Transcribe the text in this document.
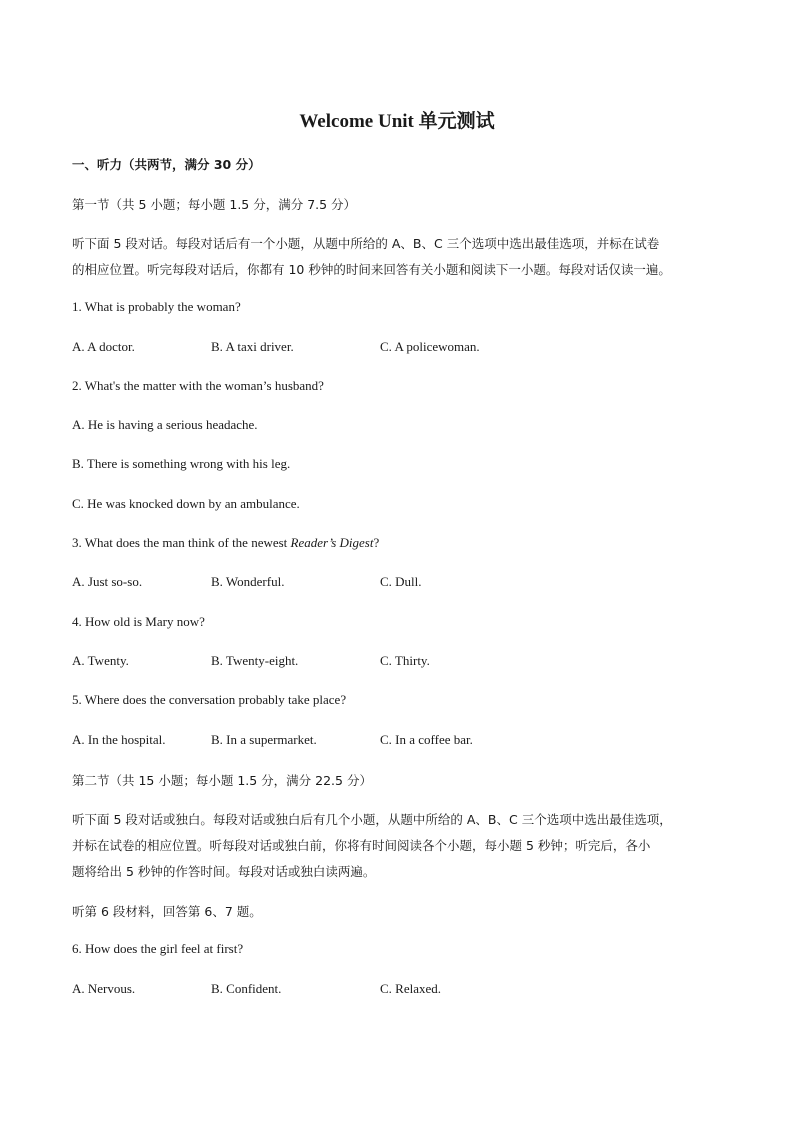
Welcome Unit 单元测试
一、听力（共两节，满分 30 分）
第一节（共 5 小题；每小题 1.5 分，满分 7.5 分）
听下面 5 段对话。每段对话后有一个小题，从题中所给的 A、B、C 三个选项中选出最佳选项，并标在试卷
的相应位置。听完每段对话后，你都有 10 秒钟的时间来回答有关小题和阅读下一小题。每段对话仅读一遍。
1. What is probably the woman?
A. A doctor.	B. A taxi driver.	C. A policewoman.
2. What's the matter with the woman’s husband?
A. He is having a serious headache.
B. There is something wrong with his leg.
C. He was knocked down by an ambulance.
3. What does the man think of the newest Reader’s Digest?
A. Just so-so.	B. Wonderful.	C. Dull.
4. How old is Mary now?
A. Twenty.	B. Twenty-eight.	C. Thirty.
5. Where does the conversation probably take place?
A. In the hospital.	B. In a supermarket.	C. In a coffee bar.
第二节（共 15 小题；每小题 1.5 分，满分 22.5 分）
听下面 5 段对话或独白。每段对话或独白后有几个小题，从题中所给的 A、B、C 三个选项中选出最佳选项，
并标在试卷的相应位置。听每段对话或独白前，你将有时间阅读各个小题，每小题 5 秒钟；听完后，各小
题将给出 5 秒钟的作答时间。每段对话或独白读两遍。
听第 6 段材料，回答第 6、7 题。
6. How does the girl feel at first?
A. Nervous.	B. Confident.	C. Relaxed.
